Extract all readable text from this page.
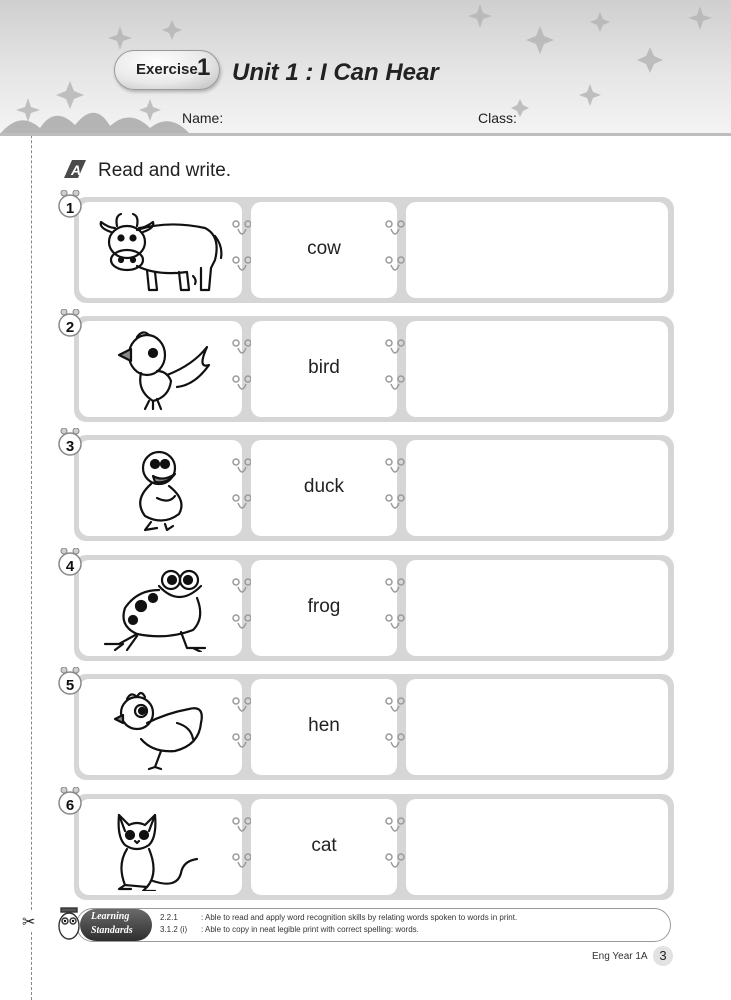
Exercise 1 Unit 1 : I Can Hear
Name:	Class:
A Read and write.
cow
1
bird
2
duck
3
frog
4
hen
5
cat
6
✂	Learning
Standards
2.2.1	: Able to read and apply word recognition skills by relating words spoken to words in print.
3.1.2 (i) : Able to copy in neat legible print with correct spelling: words.
Eng Year 1A 3
